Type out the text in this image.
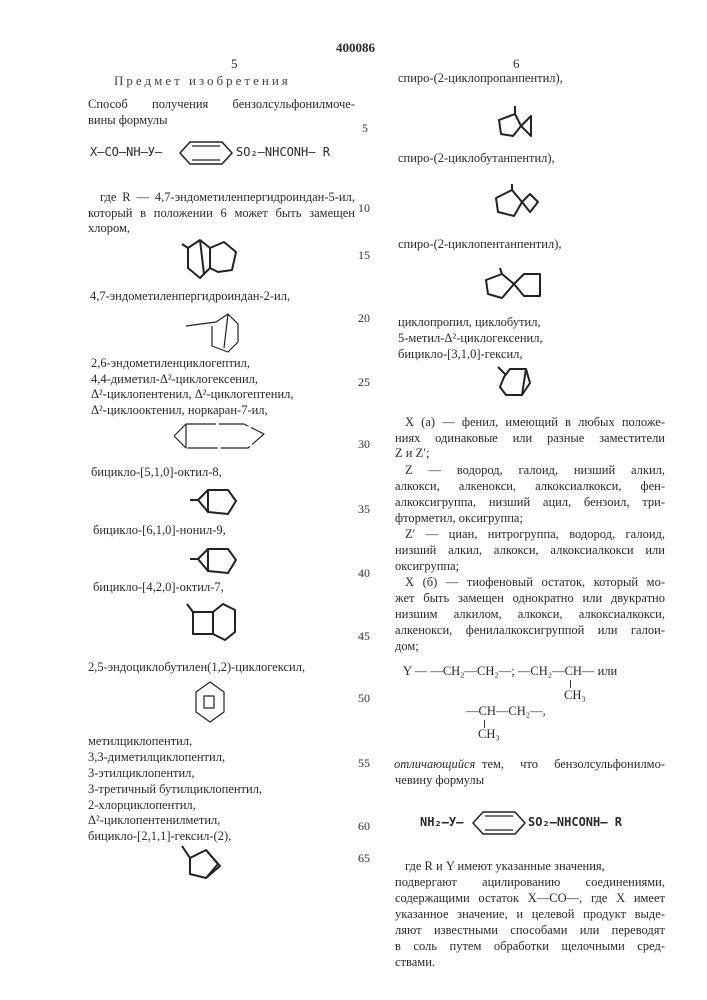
400086
5	6
Предмет изобретения
X–CO–NH–У–	SO₂–NHCONH– R
Y — —CH₂—CH₂—; —CH₂—CH— или
CH₃
—CH—CH₂—,
CH₃
отличающийся
NH₂–У–	SO₂–NHCONH– R
Способ получения бензолсульфонилмоче-
вины формулы
где R — 4,7-эндометиленпергидроиндан-5-ил,
который в положении 6 может быть замещен
хлором,
4,7-эндометиленпергидроиндан-2-ил,
2,6-эндометиленциклогептил,
4,4-диметил-Δ²-циклогексенил,
Δ²-циклопентенил, Δ²-циклогептенил,
Δ²-циклооктенил, норкаран-7-ил,
бицикло-[5,1,0]-октил-8,
бицикло-[6,1,0]-нонил-9,
бицикло-[4,2,0]-октил-7,
2,5-эндоциклобутилен(1,2)-циклогексил,
метилциклопентил,
3,3-диметилциклопентил,
3-этилциклопентил,
3-третичный бутилциклопентил,
2-хлорциклопентил,
Δ²-циклопентенилметил,
бицикло-[2,1,1]-гексил-(2),
спиро-(2-циклопропанпентил),
спиро-(2-циклобутанпентил),
спиро-(2-циклопентанпентил),
циклопропил, циклобутил,
5-метил-Δ²-циклогексенил,
бицикло-[3,1,0]-гексил,
X (а) — фенил, имеющий в любых положе-
ниях одинаковые или разные заместители
Z и Z′;
Z — водород, галоид, низший алкил,
алкокси, алкенокси, алкоксиалкокси, фен-
алкоксигруппа, низший ацил, бензоил, три-
фторметил, оксигруппа;
Z′ — циан, нитрогруппа, водород, галоид,
низший алкил, алкокси, алкоксиалкокси или
оксигруппа;
X (б) — тиофеновый остаток, который мо-
жет быть замещен однократно или двукратно
низшим алкилом, алкокси, алкоксиалкокси,
алкенокси, фенилалкоксигруппой или галои-
дом;
тем, что бензолсульфонилмо-
чевину формулы
где R и Y имеют указанные значения,
подвергают ацилированию соединениями,
содержащими остаток X—CO—, где X имеет
указанное значение, и целевой продукт выде-
ляют известными способами или переводят
в соль путем обработки щелочными сред-
ствами.
5
10
15
20
25
30
35
40
45
50
55
60
65
